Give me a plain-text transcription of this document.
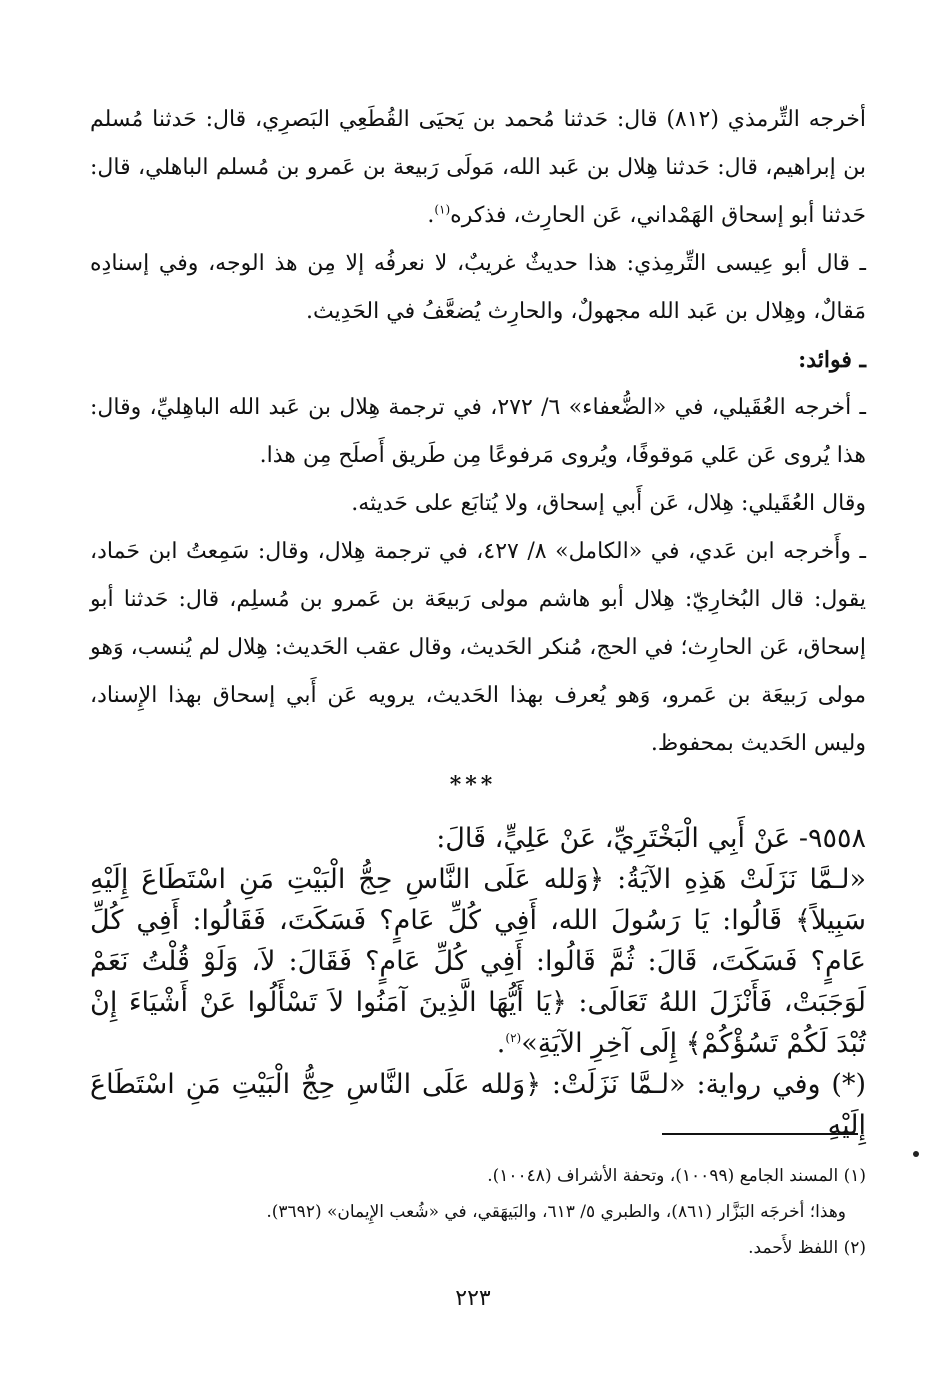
أخرجه التِّرمذي (٨١٢) قال: حَدثنا مُحمد بن يَحيَى القُطَعِي البَصرِي، قال: حَدثنا مُسلم بن إبراهيم، قال: حَدثنا هِلال بن عَبد الله، مَولَى رَبيعة بن عَمرو بن مُسلم الباهلي، قال: حَدثنا أبو إسحاق الهَمْداني، عَن الحارِث، فذكره$^{(١)}$.

ـ قال أبو عِيسى التِّرمِذي: هذا حديثٌ غريبٌ، لا نعرفُه إلا مِن هذ الوجه، وفي إسنادِه مَقالٌ، وهِلال بن عَبد الله مجهولٌ، والحارِث يُضعَّفُ في الحَدِيث.

ـ فوائد:

ـ أخرجه العُقَيلي، في «الضُّعفاء» ٦/ ٢٧٢، في ترجمة هِلال بن عَبد الله الباهِليِّ، وقال: هذا يُروى عَن عَلي مَوقوفًا، ويُروى مَرفوعًا مِن طَريق أَصلَح مِن هذا.

وقال العُقَيلي: هِلال، عَن أَبي إسحاق، ولا يُتابَع على حَديثه.

ـ وأَخرجه ابن عَدي، في «الكامل» ٨/ ٤٢٧، في ترجمة هِلال، وقال: سَمِعتُ ابن حَماد، يقول: قال البُخارِيّ: هِلال أبو هاشم مولى رَبيعَة بن عَمرو بن مُسلِم، قال: حَدثنا أبو إسحاق، عَن الحارِث؛ في الحج، مُنكر الحَديث، وقال عقب الحَديث: هِلال لم يُنسب، وَهو مولى رَبيعَة بن عَمرو، وَهو يُعرف بهذا الحَديث، يرويه عَن أَبي إسحاق بهذا الإِسناد، وليس الحَديث بمحفوظ.

***

٩٥٥٨- عَنْ أَبِي الْبَخْتَرِيِّ، عَنْ عَلِيٍّ، قَالَ:

«لـمَّا نَزَلَتْ هَذِهِ الآيَةُ: ﴿وَلله عَلَى النَّاسِ حِجُّ الْبَيْتِ مَنِ اسْتَطَاعَ إِلَيْهِ سَبِيلاً﴾ قَالُوا: يَا رَسُولَ الله، أَفِي كُلِّ عَامٍ؟ فَسَكَتَ، فَقَالُوا: أَفِي كُلِّ عَامٍ؟ فَسَكَتَ، قَالَ: ثُمَّ قَالُوا: أَفِي كُلِّ عَامٍ؟ فَقَالَ: لاَ، وَلَوْ قُلْتُ نَعَمْ لَوَجَبَتْ، فَأَنْزَلَ اللهُ تَعَالَى: ﴿يَا أَيُّهَا الَّذِينَ آمَنُوا لاَ تَسْأَلُوا عَنْ أَشْيَاءَ إِنْ تُبْدَ لَكُمْ تَسُؤْكُمْ﴾ إِلَى آخِرِ الآيَةِ»$^{(٢)}$.

(*) وفي رواية: «لـمَّا نَزَلَتْ: ﴿وَلله عَلَى النَّاسِ حِجُّ الْبَيْتِ مَنِ اسْتَطَاعَ إِلَيْهِ

(١) المسند الجامع (١٠٠٩٩)، وتحفة الأشراف (١٠٠٤٨).

وهذا؛ أخرجَه البَزَّار (٨٦١)، والطبري ٥/ ٦١٣، والبَيهَقي، في «شُعب الإِيمان» (٣٦٩٢).

(٢) اللفظ لأَحمد.

٢٢٣
